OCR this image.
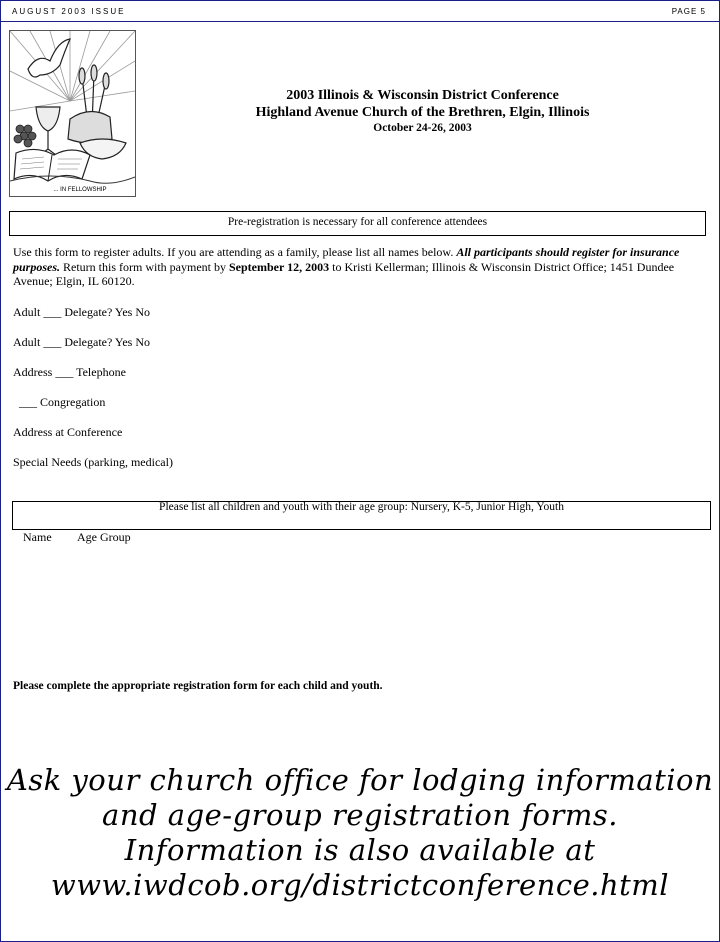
AUGUST 2003 ISSUE	PAGE 5
... IN FELLOWSHIP
2003 Illinois & Wisconsin District Conference
Highland Avenue Church of the Brethren, Elgin, Illinois
October 24-26, 2003
Pre-registration is necessary for all conference attendees
Use this form to register adults. If you are attending as a family, please list all names below. All participants should register for insurance purposes. Return this form with payment by September 12, 2003 to Kristi Kellerman; Illinois & Wisconsin District Office; 1451 Dundee Avenue; Elgin, IL 60120.
Adult ___ Delegate? Yes No
Adult ___ Delegate? Yes No
Address ___ Telephone
___ Congregation
Address at Conference
Special Needs (parking, medical)
Please list all children and youth with their age group: Nursery, K-5, Junior High, Youth
Name Age Group
Please complete the appropriate registration form for each child and youth.
Ask your church office for lodging information
and age-group registration forms.
Information is also available at
www.iwdcob.org/districtconference.html
